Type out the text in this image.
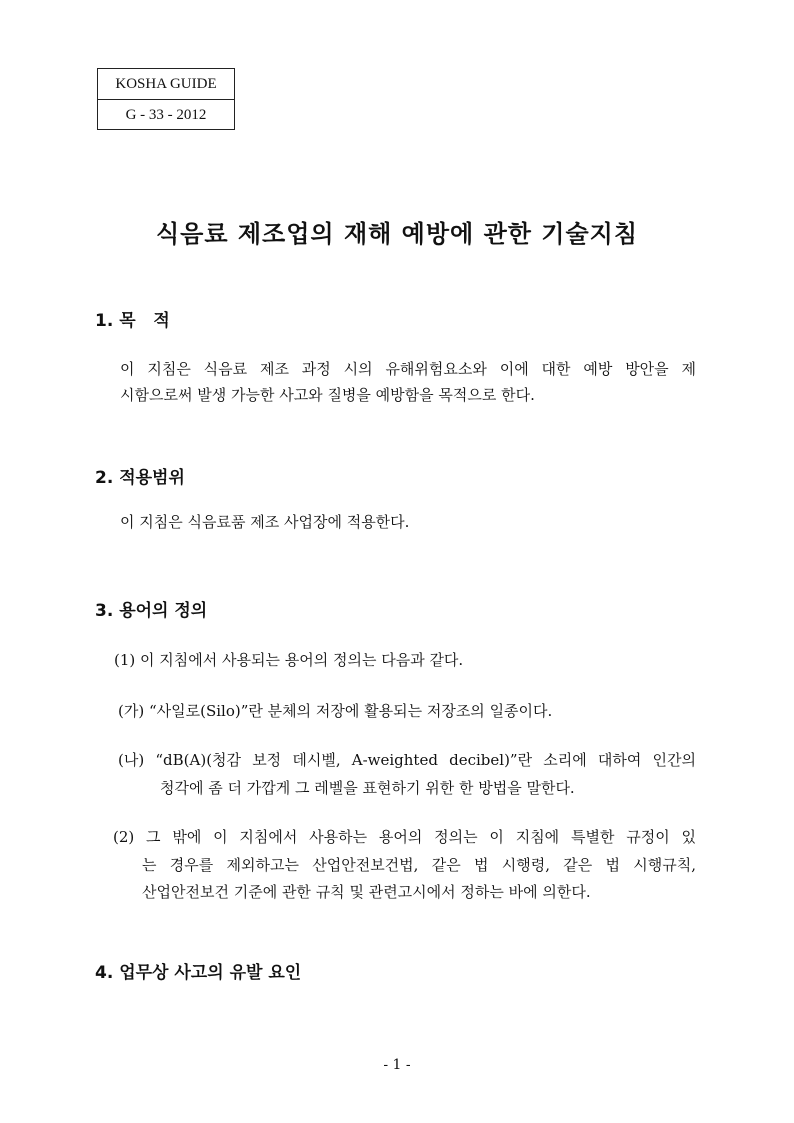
KOSHA GUIDE
G - 33 - 2012
식음료 제조업의 재해 예방에 관한 기술지침
1. 목   적
이 지침은 식음료 제조 과정 시의 유해위험요소와 이에 대한 예방 방안을 제
시함으로써 발생 가능한 사고와 질병을 예방함을 목적으로 한다.
2. 적용범위
이 지침은 식음료품 제조 사업장에 적용한다.
3. 용어의 정의
(1) 이 지침에서 사용되는 용어의 정의는 다음과 같다.
(가) “사일로(Silo)”란 분체의 저장에 활용되는 저장조의 일종이다.
(나) “dB(A)(청감 보정 데시벨, A-weighted decibel)”란 소리에 대하여 인간의
청각에 좀 더 가깝게 그 레벨을 표현하기 위한 한 방법을 말한다.
(2) 그 밖에 이 지침에서 사용하는 용어의 정의는 이 지침에 특별한 규정이 있
는 경우를 제외하고는 산업안전보건법, 같은 법 시행령, 같은 법 시행규칙,
산업안전보건 기준에 관한 규칙 및 관련고시에서 정하는 바에 의한다.
4. 업무상 사고의 유발 요인
- 1 -
